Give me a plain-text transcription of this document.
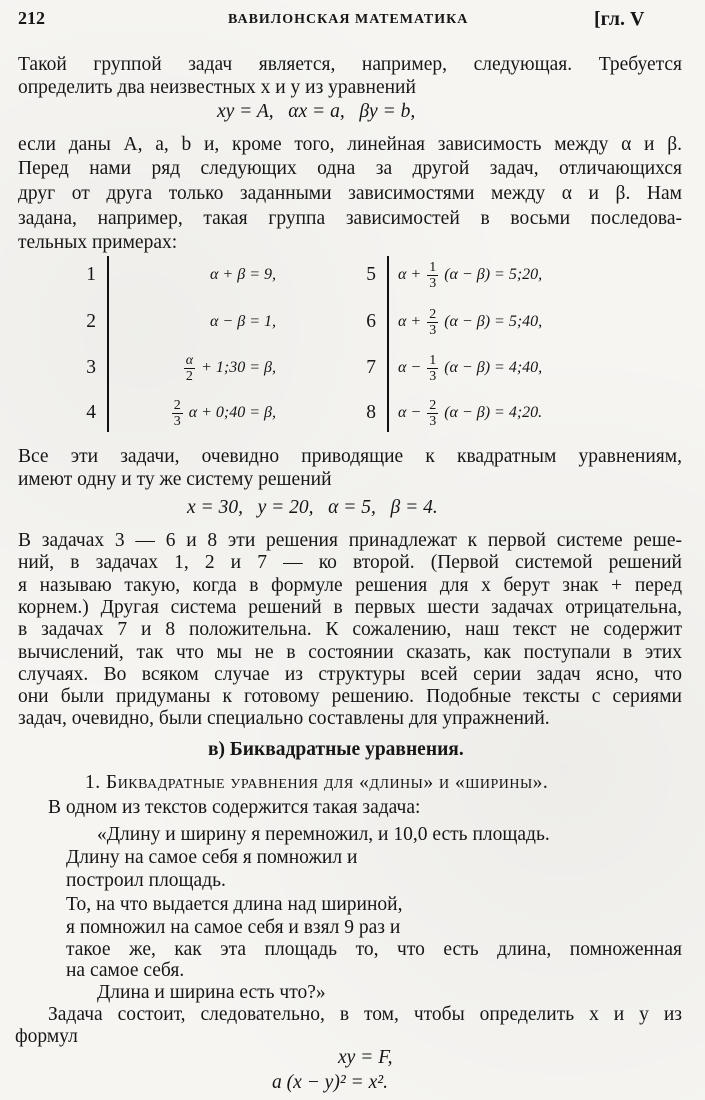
212	ВАВИЛОНСКАЯ МАТЕМАТИКА	[гл. V
Такой группой задач является, например, следующая. Требуется
определить два неизвестных x и y из уравнений
xy = A,   αx = a,   βy = b,
если даны A, a, b и, кроме того, линейная зависимость между α и β.
Перед нами ряд следующих одна за другой задач, отличающихся
друг от друга только заданными зависимостями между α и β. Нам
задана, например, такая группа зависимостей в восьми последова-
тельных примерах:
Все эти задачи, очевидно приводящие к квадратным уравнениям,
имеют одну и ту же систему решений
x = 30,   y = 20,   α = 5,   β = 4.
В задачах 3 — 6 и 8 эти решения принадлежат к первой системе реше-
ний, в задачах 1, 2 и 7 — ко второй. (Первой системой решений
я называю такую, когда в формуле решения для x берут знак + перед
корнем.) Другая система решений в первых шести задачах отрицательна,
в задачах 7 и 8 положительна. К сожалению, наш текст не содержит
вычислений, так что мы не в состоянии сказать, как поступали в этих
случаях. Во всяком случае из структуры всей серии задач ясно, что
они были придуманы к готовому решению. Подобные тексты с сериями
задач, очевидно, были специально составлены для упражнений.
в) Биквадратные уравнения.
1. Биквадратные уравнения для «длины» и «ширины».
В одном из текстов содержится такая задача:
«Длину и ширину я перемножил, и 10,0 есть площадь.
Длину на самое себя я помножил и
построил площадь.
То, на что выдается длина над шириной,
я помножил на самое себя и взял 9 раз и
такое же, как эта площадь то, что есть длина, помноженная
на самое себя.
Длина и ширина есть что?»
Задача состоит, следовательно, в том, чтобы определить x и y из
формул
xy = F,
a (x − y)² = x².
1	α + β = 9,
2	α − β = 1,
3	$\frac{\alpha}{2}$ + 1;30 = β,
4	$\frac{2}{3}$ α + 0;40 = β,
5 $\alpha + \frac{1}{3} (\alpha - \beta)$ = 5;20,
6 $\alpha + \frac{2}{3} (\alpha - \beta)$ = 5;40,
7 $\alpha - \frac{1}{3} (\alpha - \beta)$ = 4;40,
8 $\alpha - \frac{2}{3} (\alpha - \beta)$ = 4;20.
